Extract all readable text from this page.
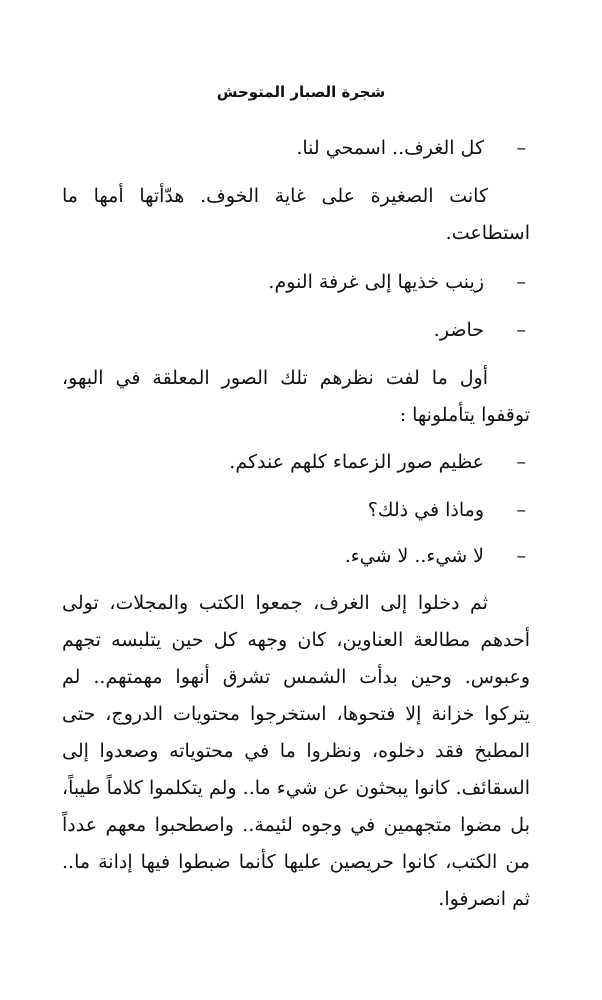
شجرة الصبار المتوحش

–كل الغرف.. اسمحي لنا.

كانت الصغيرة على غاية الخوف. هدّأتها أمها ما استطاعت.

–زينب خذيها إلى غرفة النوم.

–حاضر.

أول ما لفت نظرهم تلك الصور المعلقة في البهو، توقفوا يتأملونها :

–عظيم صور الزعماء كلهم عندكم.

–وماذا في ذلك؟

–لا شيء.. لا شيء.

ثم دخلوا إلى الغرف، جمعوا الكتب والمجلات، تولى أحدهم مطالعة العناوين، كان وجهه كل حين يتلبسه تجهم وعبوس. وحين بدأت الشمس تشرق أنهوا مهمتهم.. لم يتركوا خزانة إلا فتحوها، استخرجوا محتويات الدروج، حتى المطبخ فقد دخلوه، ونظروا ما في محتوياته وصعدوا إلى السقائف. كانوا يبحثون عن شيء ما.. ولم يتكلموا كلاماً طيباً، بل مضوا متجهمين في وجوه لئيمة.. واصطحبوا معهم عدداً من الكتب، كانوا حريصين عليها كأنما ضبطوا فيها إدانة ما.. ثم انصرفوا.
